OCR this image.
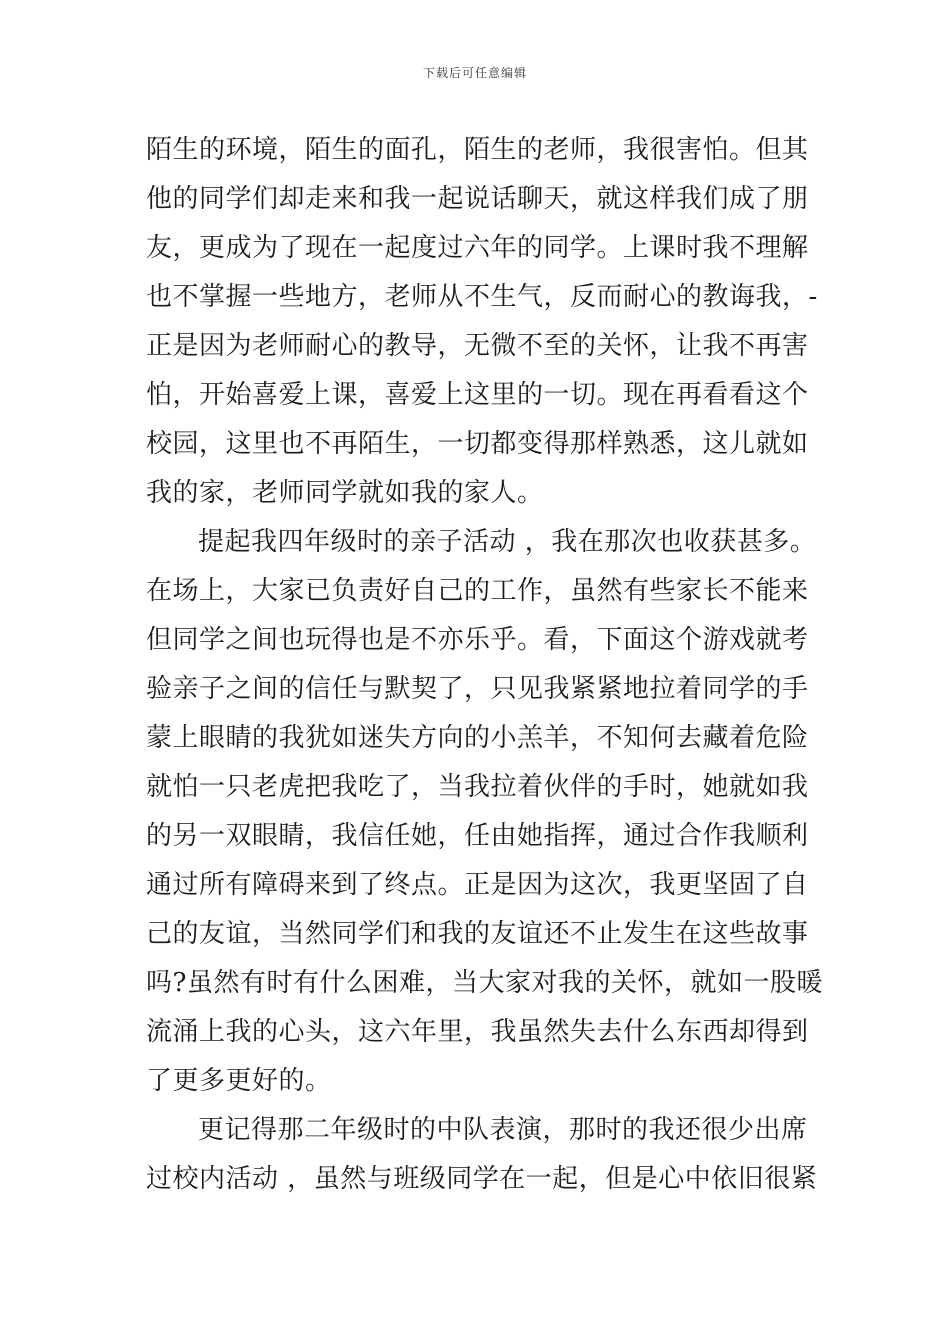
下载后可任意编辑
陌生的环境，陌生的面孔，陌生的老师，我很害怕。但其
他的同学们却走来和我一起说话聊天，就这样我们成了朋
友，更成为了现在一起度过六年的同学。上课时我不理解
也不掌握一些地方，老师从不生气，反而耐心的教诲我，-
正是因为老师耐心的教导，无微不至的关怀，让我不再害
怕，开始喜爱上课，喜爱上这里的一切。现在再看看这个
校园，这里也不再陌生，一切都变得那样熟悉，这儿就如
我的家，老师同学就如我的家人。
提起我四年级时的亲子活动 ，我在那次也收获甚多。
在场上，大家已负责好自己的工作，虽然有些家长不能来
但同学之间也玩得也是不亦乐乎。看，下面这个游戏就考
验亲子之间的信任与默契了，只见我紧紧地拉着同学的手
蒙上眼睛的我犹如迷失方向的小羔羊，不知何去藏着危险
就怕一只老虎把我吃了，当我拉着伙伴的手时，她就如我
的另一双眼睛，我信任她，任由她指挥，通过合作我顺利
通过所有障碍来到了终点。正是因为这次，我更坚固了自
己的友谊，当然同学们和我的友谊还不止发生在这些故事
吗?虽然有时有什么困难，当大家对我的关怀，就如一股暖
流涌上我的心头，这六年里，我虽然失去什么东西却得到
了更多更好的。
更记得那二年级时的中队表演，那时的我还很少出席
过校内活动 ，虽然与班级同学在一起，但是心中依旧很紧
